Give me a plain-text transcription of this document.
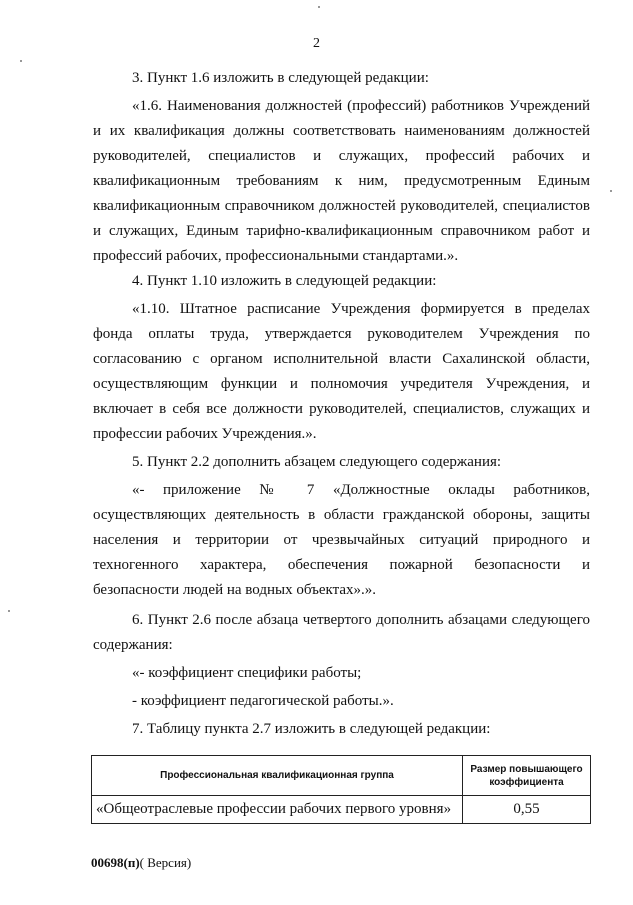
2

3. Пункт 1.6 изложить в следующей редакции:

«1.6. Наименования должностей (профессий) работников Учреждений и их квалификация должны соответствовать наименованиям должностей руководителей, специалистов и служащих, профессий рабочих и квалификационным требованиям к ним, предусмотренным Единым квалификационным справочником должностей руководителей, специалистов и служащих, Единым тарифно-квалификационным справочником работ и профессий рабочих, профессиональными стандартами.».

4. Пункт 1.10 изложить в следующей редакции:

«1.10. Штатное расписание Учреждения формируется в пределах фонда оплаты труда, утверждается руководителем Учреждения по согласованию с органом исполнительной власти Сахалинской области, осуществляющим функции и полномочия учредителя Учреждения, и включает в себя все должности руководителей, специалистов, служащих и профессии рабочих Учреждения.».

5. Пункт 2.2 дополнить абзацем следующего содержания:

«- приложение № 7 «Должностные оклады работников, осуществляющих деятельность в области гражданской обороны, защиты населения и территории от чрезвычайных ситуаций природного и техногенного характера, обеспечения пожарной безопасности и безопасности людей на водных объектах».».

6. Пункт 2.6 после абзаца четвертого дополнить абзацами следующего содержания:

«- коэффициент специфики работы;

- коэффициент педагогической работы.».

7. Таблицу пункта 2.7 изложить в следующей редакции:

Профессиональная квалификационная группа	Размер повышающего коэффициента
«Общеотраслевые профессии рабочих первого уровня»	0,55
00698(п)( Версия)
